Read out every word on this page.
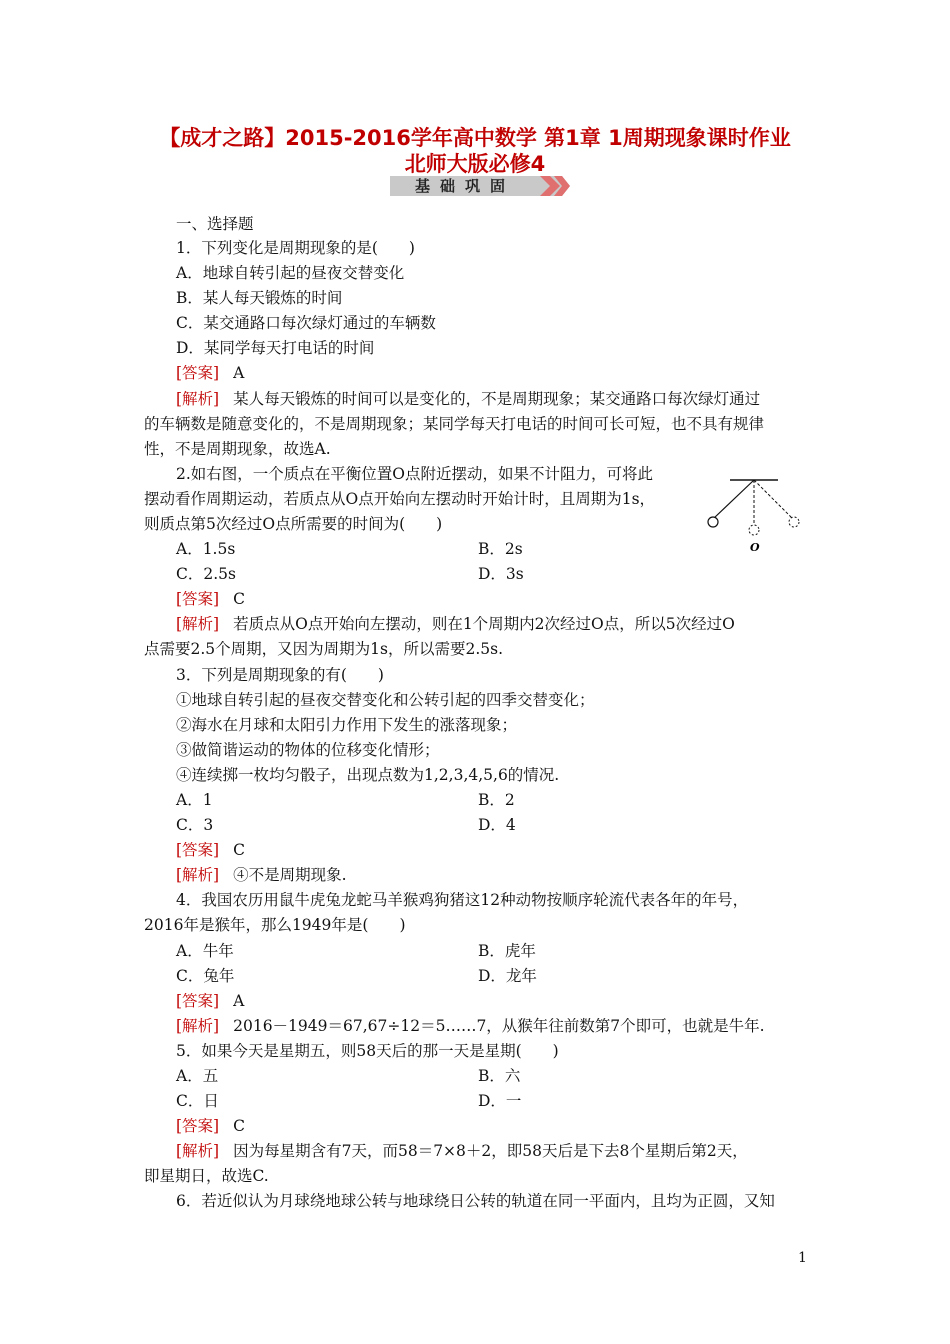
【成才之路】2015-2016学年高中数学 第1章 1周期现象课时作业
北师大版必修4
基础巩固
一、选择题
1．下列变化是周期现象的是(　　)
A．地球自转引起的昼夜交替变化
B．某人每天锻炼的时间
C．某交通路口每次绿灯通过的车辆数
D．某同学每天打电话的时间
[答案] A
[解析] 某人每天锻炼的时间可以是变化的，不是周期现象；某交通路口每次绿灯通过
的车辆数是随意变化的，不是周期现象；某同学每天打电话的时间可长可短，也不具有规律
性，不是周期现象，故选A.
2.如右图，一个质点在平衡位置O点附近摆动，如果不计阻力，可将此
摆动看作周期运动，若质点从O点开始向左摆动时开始计时，且周期为1s，
则质点第5次经过O点所需要的时间为(　　)
O
A．1.5s	B．2s
C．2.5s	D．3s
[答案] C
[解析] 若质点从O点开始向左摆动，则在1个周期内2次经过O点，所以5次经过O
点需要2.5个周期，又因为周期为1s，所以需要2.5s.
3．下列是周期现象的有(　　)
①地球自转引起的昼夜交替变化和公转引起的四季交替变化；
②海水在月球和太阳引力作用下发生的涨落现象；
③做简谐运动的物体的位移变化情形；
④连续掷一枚均匀骰子，出现点数为1,2,3,4,5,6的情况.
A．1	B．2
C．3	D．4
[答案] C
[解析] ④不是周期现象.
4．我国农历用鼠牛虎兔龙蛇马羊猴鸡狗猪这12种动物按顺序轮流代表各年的年号，
2016年是猴年，那么1949年是(　　)
A．牛年	B．虎年
C．兔年	D．龙年
[答案] A
[解析] 2016－1949＝67,67÷12＝5……7，从猴年往前数第7个即可，也就是牛年.
5．如果今天是星期五，则58天后的那一天是星期(　　)
A．五	B．六
C．日	D．一
[答案] C
[解析] 因为每星期含有7天，而58＝7×8＋2，即58天后是下去8个星期后第2天，
即星期日，故选C.
6．若近似认为月球绕地球公转与地球绕日公转的轨道在同一平面内，且均为正圆，又知
1
